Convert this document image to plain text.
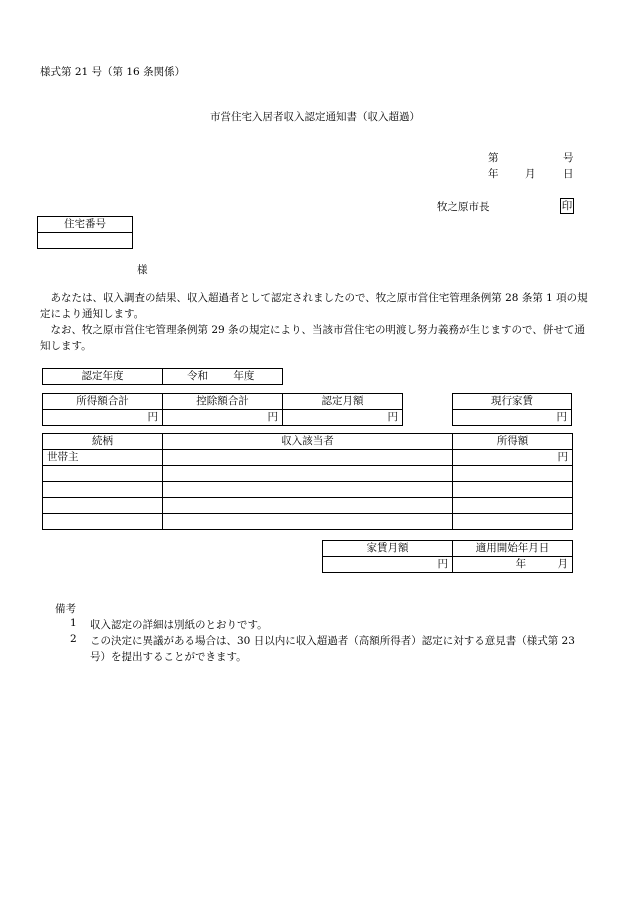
様式第 21 号（第 16 条関係）
市営住宅入居者収入認定通知書（収入超過）
第	号
年	月	日
牧之原市長	印
住宅番号

様
あなたは、収入調査の結果、収入超過者として認定されましたので、牧之原市営住宅管理条例第 28 条第 1 項の規定により通知します。
なお、牧之原市営住宅管理条例第 29 条の規定により、当該市営住宅の明渡し努力義務が生じますので、併せて通知します。
認定年度	令和 年度
所得額合計	控除額合計	認定月額
円	円	円
現行家賃
円
続柄	収入該当者	所得額
世帯主		円

家賃月額	適用開始年月日
円	年 月
備考
1 収入認定の詳細は別紙のとおりです。
2 この決定に異議がある場合は、30 日以内に収入超過者（高額所得者）認定に対する意見書（様式第 23 号）を提出することができます。
